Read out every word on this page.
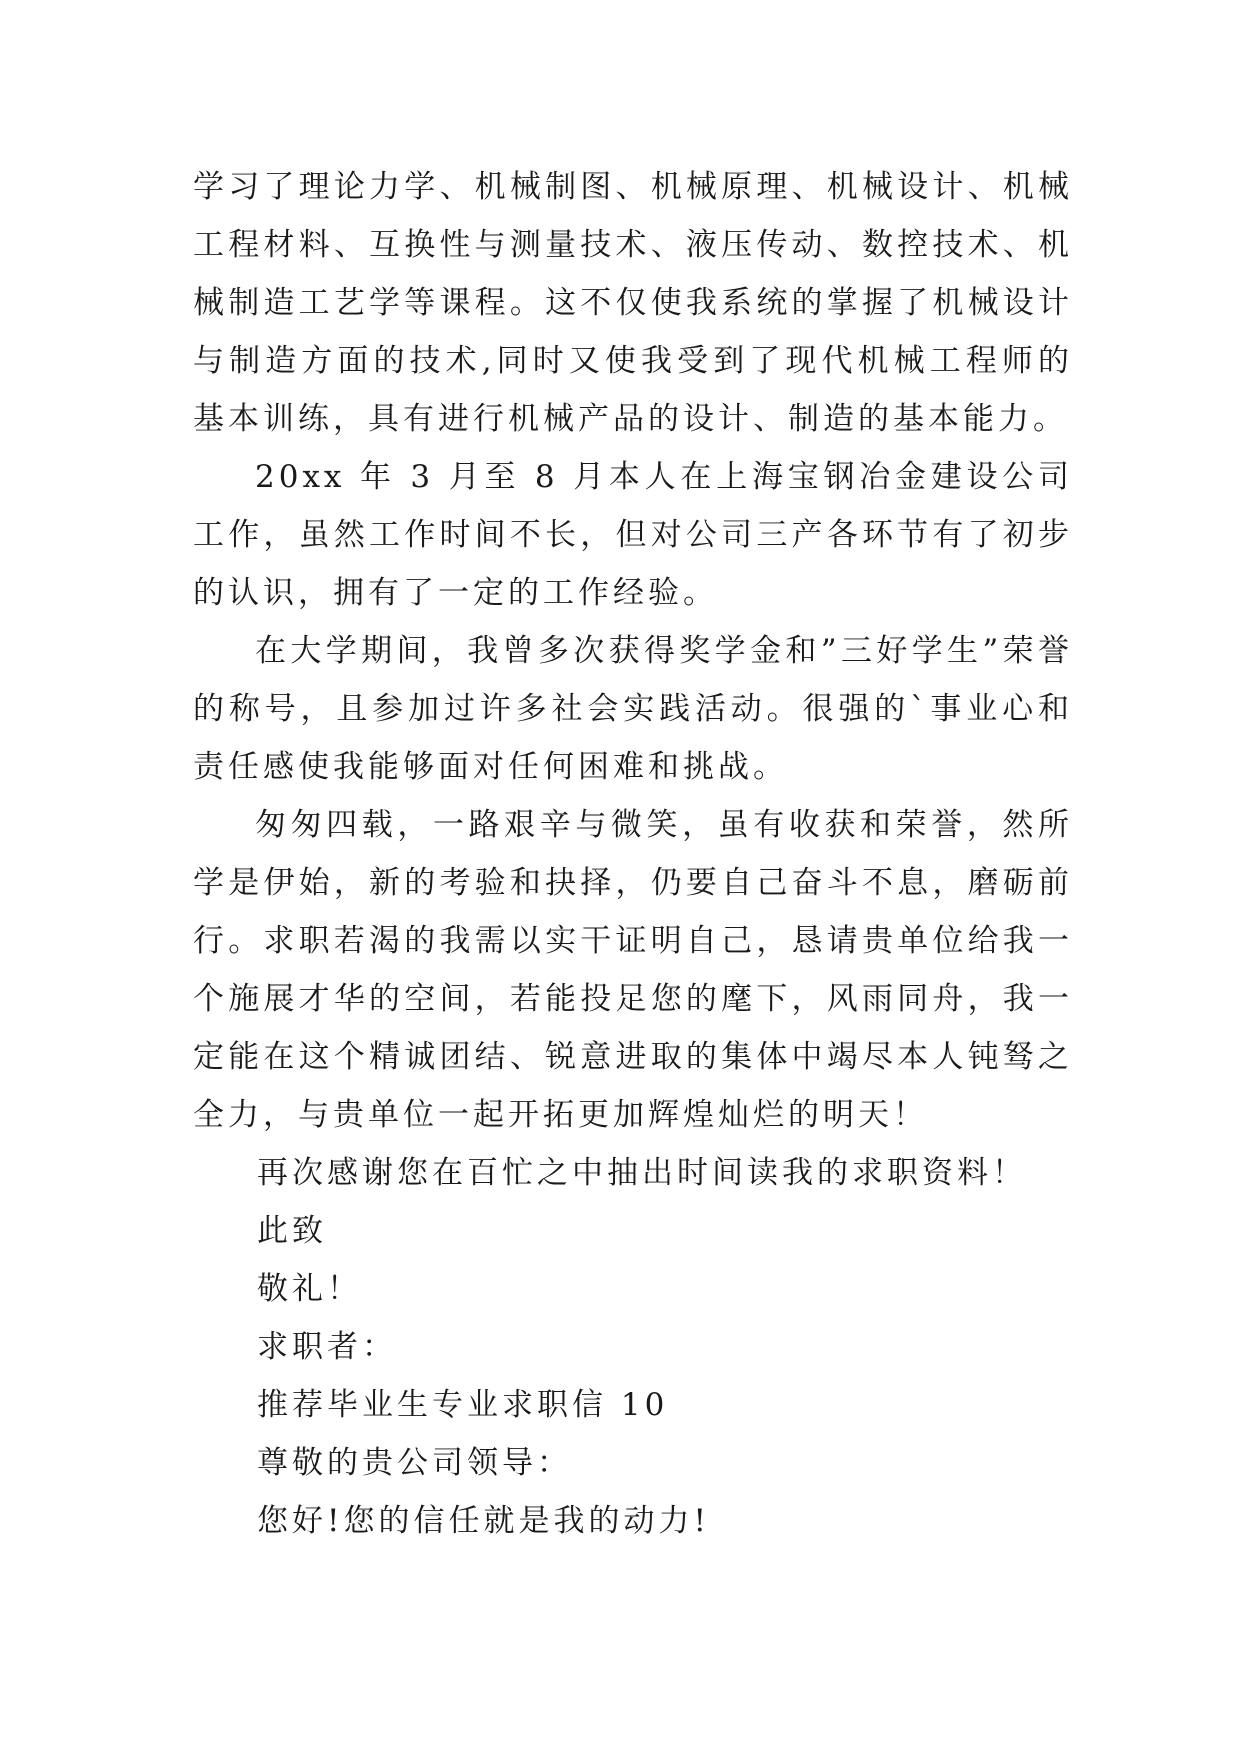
学习了理论力学、机械制图、机械原理、机械设计、机械工程材料、互换性与测量技术、液压传动、数控技术、机械制造工艺学等课程。这不仅使我系统的掌握了机械设计与制造方面的技术,同时又使我受到了现代机械工程师的基本训练，具有进行机械产品的设计、制造的基本能力。

20xx 年 3 月至 8 月本人在上海宝钢冶金建设公司工作，虽然工作时间不长，但对公司三产各环节有了初步的认识，拥有了一定的工作经验。

在大学期间，我曾多次获得奖学金和”三好学生”荣誉的称号，且参加过许多社会实践活动。很强的`事业心和责任感使我能够面对任何困难和挑战。

匆匆四载，一路艰辛与微笑，虽有收获和荣誉，然所学是伊始，新的考验和抉择，仍要自己奋斗不息，磨砺前行。求职若渴的我需以实干证明自己，恳请贵单位给我一个施展才华的空间，若能投足您的麾下，风雨同舟，我一定能在这个精诚团结、锐意进取的集体中竭尽本人钝驽之全力，与贵单位一起开拓更加辉煌灿烂的明天！

再次感谢您在百忙之中抽出时间读我的求职资料！

此致

敬礼！

求职者：

推荐毕业生专业求职信 10

尊敬的贵公司领导：

您好!您的信任就是我的动力!
